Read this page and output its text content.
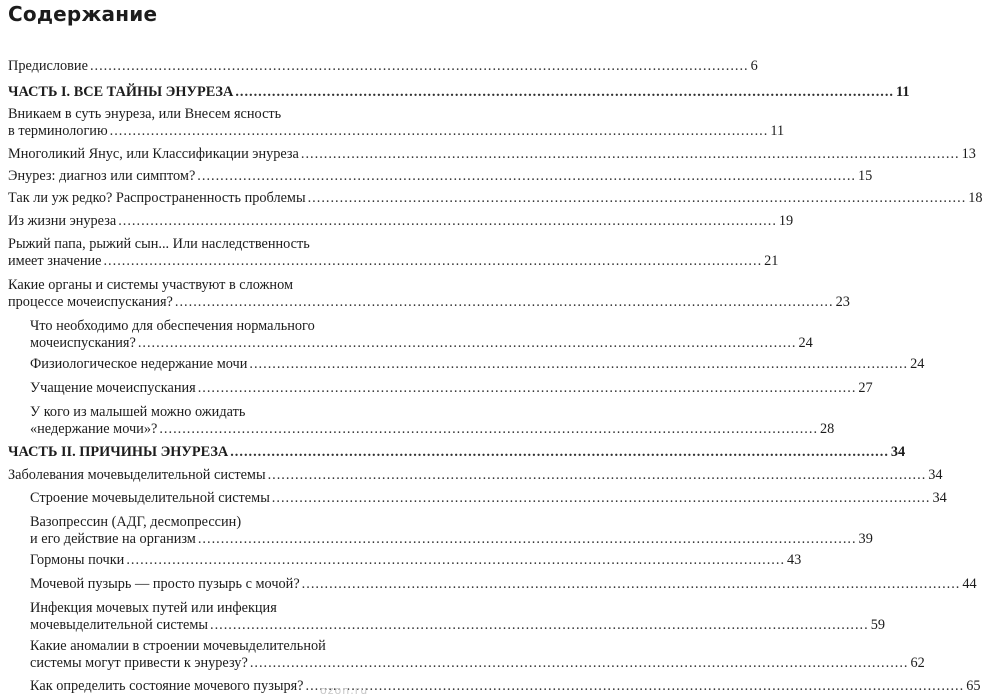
Содержание
Предисловие .....	6
ЧАСТЬ I. ВСЕ ТАЙНЫ ЭНУРЕЗА .....	11
Вникаем в суть энуреза, или Внесем ясность
в терминологию .....	11
Многоликий Янус, или Классификации энуреза .....	13
Энурез: диагноз или симптом? .....	15
Так ли уж редко? Распространенность проблемы .....	18
Из жизни энуреза .....	19
Рыжий папа, рыжий сын... Или наследственность
имеет значение .....	21
Какие органы и системы участвуют в сложном
процессе мочеиспускания? .....	23
Что необходимо для обеспечения нормального
мочеиспускания? .....	24
Физиологическое недержание мочи .....	24
Учащение мочеиспускания .....	27
У кого из малышей можно ожидать
«недержание мочи»? .....	28
ЧАСТЬ II. ПРИЧИНЫ ЭНУРЕЗА .....	34
Заболевания мочевыделительной системы .....	34
Строение мочевыделительной системы .....	34
Вазопрессин (АДГ, десмопрессин)
и его действие на организм .....	39
Гормоны почки .....	43
Мочевой пузырь — просто пузырь с мочой? .....	44
Инфекция мочевых путей или инфекция
мочевыделительной системы .....	59
Какие аномалии в строении мочевыделительной
системы могут привести к энурезу? .....	62
Как определить состояние мочевого пузыря? .....	65
ozon.ru
